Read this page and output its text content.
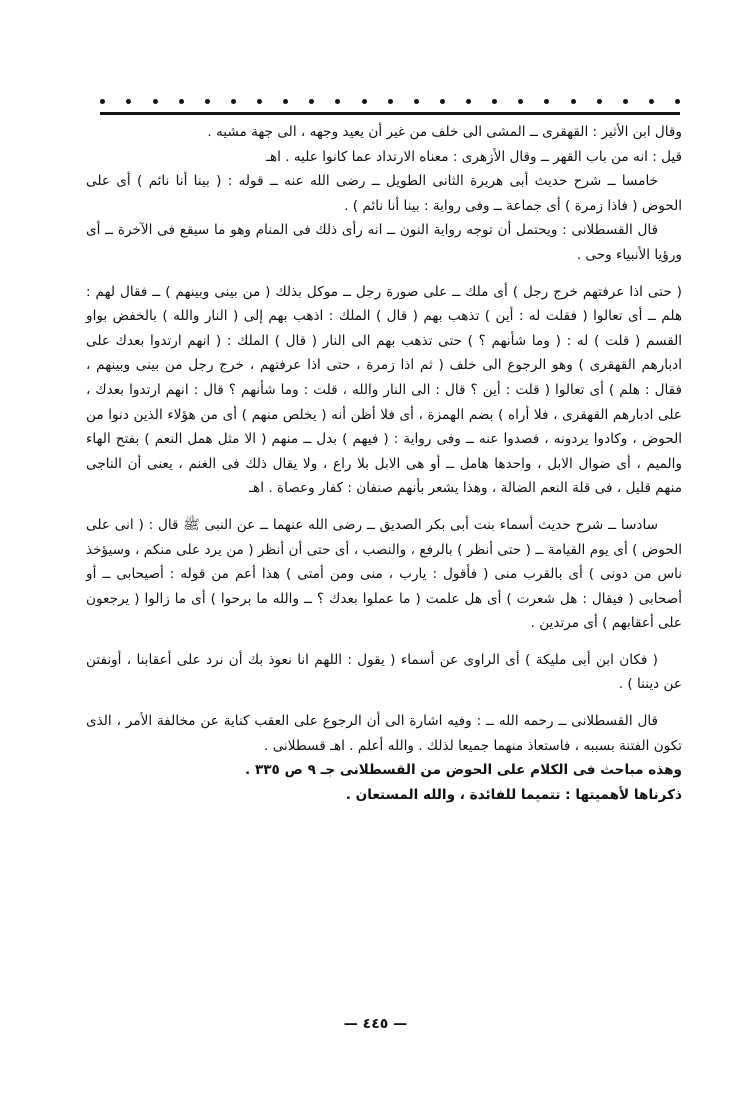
وقال ابن الأثير : القهقرى ــ المشى الى خلف من غير أن يعيد وجهه ، الى جهة مشيه .

قيل : انه من باب القهر ــ وقال الأزهرى : معناه الارتداد عما كانوا عليه . اهـ

خامسا ــ شرح حديث أبى هريرة الثانى الطويل ــ رضى الله عنه ــ قوله : ( بينا أنا نائم ) أى على الحوض ( فاذا زمرة ) أى جماعة ــ وفى رواية : بينا أنا نائم ) .

قال القسطلانى : ويحتمل أن توجه رواية النون ــ انه رأى ذلك فى المنام وهو ما سيقع فى الآخرة ــ أى ورؤيا الأنبياء وحى .

( حتى اذا عرفتهم خرج رجل ) أى ملك ــ على صورة رجل ــ موكل بذلك ( من بينى وبينهم ) ــ فقال لهم : هلم ــ أى تعالوا ( فقلت له : أين ) تذهب بهم ( قال ) الملك : اذهب بهم إلى ( النار والله ) بالخفض بواو القسم ( قلت ) له : ( وما شأنهم ؟ ) حتى تذهب بهم الى النار ( قال ) الملك : ( انهم ارتدوا بعدك على ادبارهم القهقرى ) وهو الرجوع الى خلف ( ثم اذا زمرة ، حتى اذا عرفتهم ، خرج رجل من بينى وبينهم ، فقال : هلم ) أى تعالوا ( قلت : أين ؟ قال : الى النار والله ، قلت : وما شأنهم ؟ قال : انهم ارتدوا بعدك ، على ادبارهم القهقرى ، فلا أراه ) بضم الهمزة ، أى فلا أظن أنه ( يخلص منهم ) أى من هؤلاء الذين دنوا من الحوض ، وكادوا يردونه ، فصدوا عنه ــ وفى رواية : ( فيهم ) بدل ــ منهم ( الا مثل همل النعم ) بفتح الهاء والميم ، أى ضوال الابل ، واحدها هامل ــ أو هى الابل بلا راع ، ولا يقال ذلك فى الغنم ، يعنى أن الناجى منهم قليل ، فى قلة النعم الضالة ، وهذا يشعر بأنهم صنفان : كفار وعصاة . اهـ

سادسا ــ شرح حديث أسماء بنت أبى بكر الصديق ــ رضى الله عنهما ــ عن النبى ﷺ قال : ( انى على الحوض ) أى يوم القيامة ــ ( حتى أنظر ) بالرفع ، والنصب ، أى حتى أن أنظر ( من يرد على منكم ، وسيؤخذ ناس من دونى ) أى بالقرب منى ( فأقول : يارب ، منى ومن أمتى ) هذا أعم من قوله : أصيحابى ــ أو أصحابى ( فيقال : هل شعرت ) أى هل علمت ( ما عملوا بعدك ؟ ــ والله ما برحوا ) أى ما زالوا ( يرجعون على أعقابهم ) أى مرتدين .

( فكان ابن أبى مليكة ) أى الراوى عن أسماء ( يقول : اللهم انا نعوذ بك أن نرد على أعقابنا ، أونفتن عن ديننا ) .

قال القسطلانى ــ رحمه الله ــ : وفيه اشارة الى أن الرجوع على العقب كناية عن مخالفة الأمر ، الذى تكون الفتنة بسببه ، فاستعاذ منهما جميعا لذلك . والله أعلم . اهـ قسطلانى .

وهذه مباحث فى الكلام على الحوض من القسطلانى جـ ٩ ص ٣٣٥ .

ذكرناها لأهميتها : تتميما للفائدة ، والله المستعان .

— ٤٤٥ —
